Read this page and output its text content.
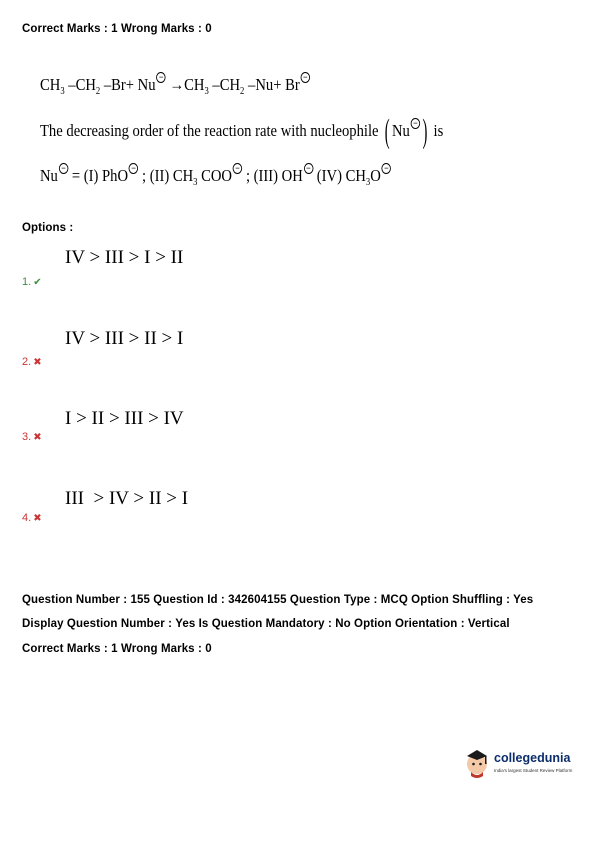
Correct Marks : 1 Wrong Marks : 0
$CH_3$ $-CH_2$ $-Br+ Nu - \to CH_3$ $-CH_2$ –Nu+ Br −
The decreasing order of the reaction rate with nucleophile ( Nu − ) is
Nu − = (I) PhO − ; (II) $CH_3$ COO − ; (III) OH − (IV) $CH_3O$ −
Options :
IV > III > I > II
1. ✔
IV > III > II > I
2. ✖
I > II > III > IV
3. ✖
III  > IV > II > I
4. ✖
Question Number : 155 Question Id : 342604155 Question Type : MCQ Option Shuffling : Yes
Display Question Number : Yes Is Question Mandatory : No Option Orientation : Vertical
Correct Marks : 1 Wrong Marks : 0
collegedunia
India's largest Student Review Platform
